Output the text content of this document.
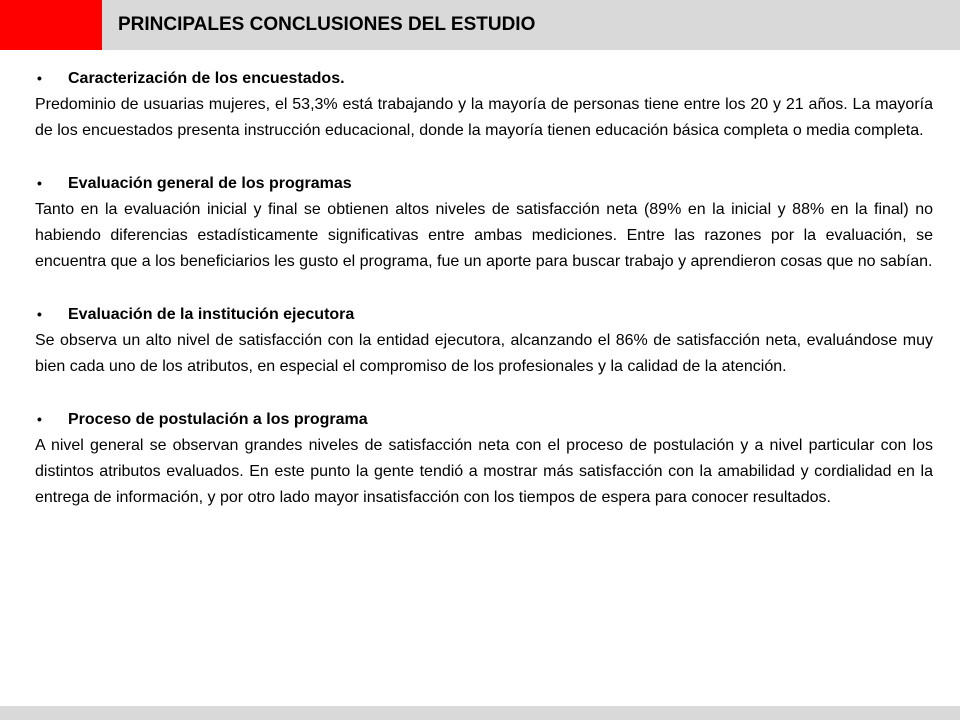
PRINCIPALES CONCLUSIONES DEL ESTUDIO

•	Caracterización de los encuestados.

Predominio de usuarias mujeres, el 53,3% está trabajando y la mayoría de personas tiene entre los 20 y 21 años. La mayoría de los encuestados presenta instrucción educacional, donde la mayoría tienen educación básica completa o media completa.

•	Evaluación general de los programas

Tanto en la evaluación inicial y final se obtienen altos niveles de satisfacción neta (89% en la inicial y 88% en la final) no habiendo diferencias estadísticamente significativas entre ambas mediciones. Entre las razones por la evaluación, se encuentra que a los beneficiarios les gusto el programa, fue un aporte para buscar trabajo y aprendieron cosas que no sabían.

•	Evaluación de la institución ejecutora

Se observa un alto nivel de satisfacción con la entidad ejecutora, alcanzando el 86% de satisfacción neta, evaluándose muy bien cada uno de los atributos, en especial el compromiso de los profesionales y la calidad de la atención.

•	Proceso de postulación a los programa

A nivel general se observan grandes niveles de satisfacción neta con el proceso de postulación y a nivel particular con los distintos atributos evaluados. En este punto la gente tendió a mostrar más satisfacción con la amabilidad y cordialidad en la entrega de información, y por otro lado mayor insatisfacción con los tiempos de espera para conocer resultados.
